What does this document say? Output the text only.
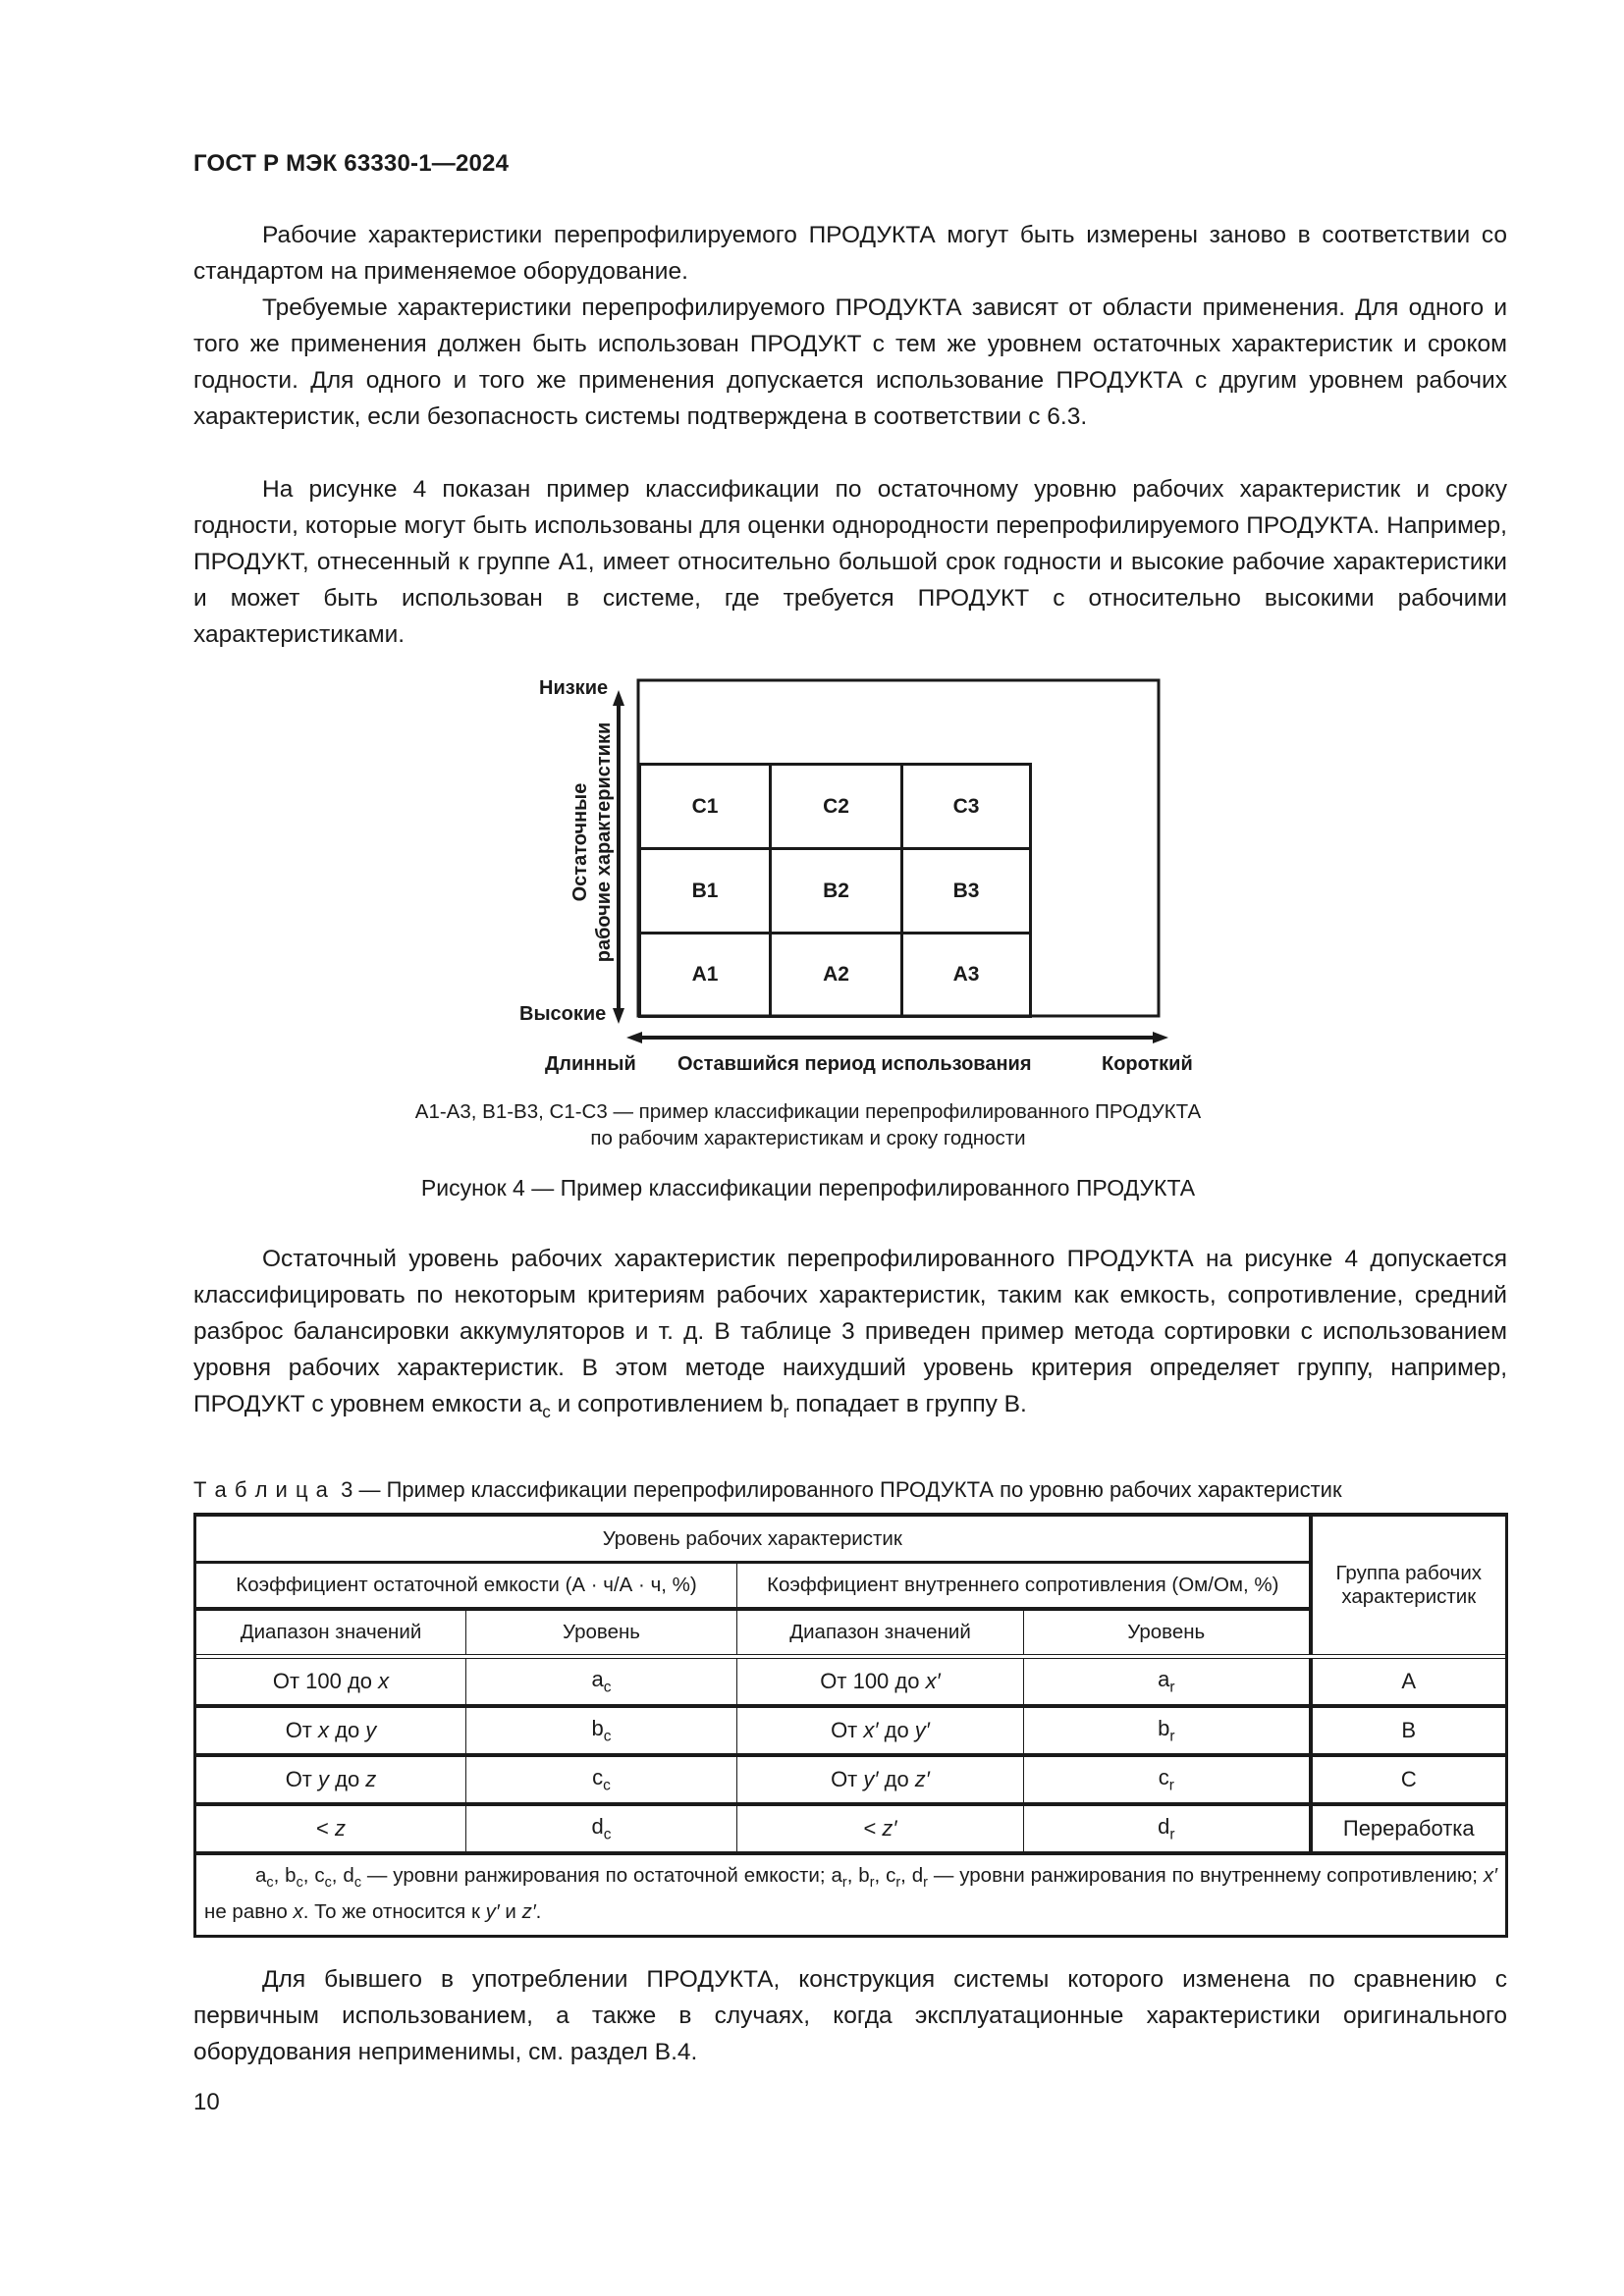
ГОСТ Р МЭК 63330-1—2024

Рабочие характеристики перепрофилируемого ПРОДУКТА могут быть измерены заново в соответствии со стандартом на применяемое оборудование.

Требуемые характеристики перепрофилируемого ПРОДУКТА зависят от области применения. Для одного и того же применения должен быть использован ПРОДУКТ с тем же уровнем остаточных характеристик и сроком годности. Для одного и того же применения допускается использование ПРОДУКТА с другим уровнем рабочих характеристик, если безопасность системы подтверждена в соответствии с 6.3.

На рисунке 4 показан пример классификации по остаточному уровню рабочих характеристик и сроку годности, которые могут быть использованы для оценки однородности перепрофилируемого ПРОДУКТА. Например, ПРОДУКТ, отнесенный к группе А1, имеет относительно большой срок годности и высокие рабочие характеристики и может быть использован в системе, где требуется ПРОДУКТ с относительно высокими рабочими характеристиками.

Низкие
Высокие
Остаточные рабочие характеристики
Длинный Оставшийся период использования	Короткий
C1	C2	C3
B1	B2	B3
A1	A2	A3
А1-А3, В1-В3, С1-С3 — пример классификации перепрофилированного ПРОДУКТА
по рабочим характеристикам и сроку годности
Рисунок 4 — Пример классификации перепрофилированного ПРОДУКТА

Остаточный уровень рабочих характеристик перепрофилированного ПРОДУКТА на рисунке 4 допускается классифицировать по некоторым критериям рабочих характеристик, таким как емкость, сопротивление, средний разброс балансировки аккумуляторов и т. д. В таблице 3 приведен пример метода сортировки с использованием уровня рабочих характеристик. В этом методе наихудший уровень критерия определяет группу, например, ПРОДУКТ с уровнем емкости $a_c$ и сопротивлением $b_r$ попадает в группу В.

Т а б л и ц а 3 — Пример классификации перепрофилированного ПРОДУКТА по уровню рабочих характеристик
Уровень рабочих характеристик				Группа рабочих характеристик
Коэффициент остаточной емкости (А · ч/А · ч, %)		Коэффициент внутреннего сопротивления (Ом/Ом, %)		
Диапазон значений	Уровень	Диапазон значений	Уровень	

От 100 до x	$a_c$	От 100 до x′	$a_r$	A
От x до y	$b_c$	От x′ до y′	$b_r$	B
От y до z	$c_c$	От y′ до z′	$c_r$	C
< z	$d_c$	< z′	$d_r$	Переработка
$a_c$, $b_c$, $c_c$, $d_c$ — уровни ранжирования по остаточной емкости; $a_r$, $b_r$, $c_r$, $d_r$ — уровни ранжирования по внутреннему сопротивлению; x′ не равно x. То же относится к y′ и z′.				

Для бывшего в употреблении ПРОДУКТА, конструкция системы которого изменена по сравнению с первичным использованием, а также в случаях, когда эксплуатационные характеристики оригинального оборудования неприменимы, см. раздел В.4.

10
